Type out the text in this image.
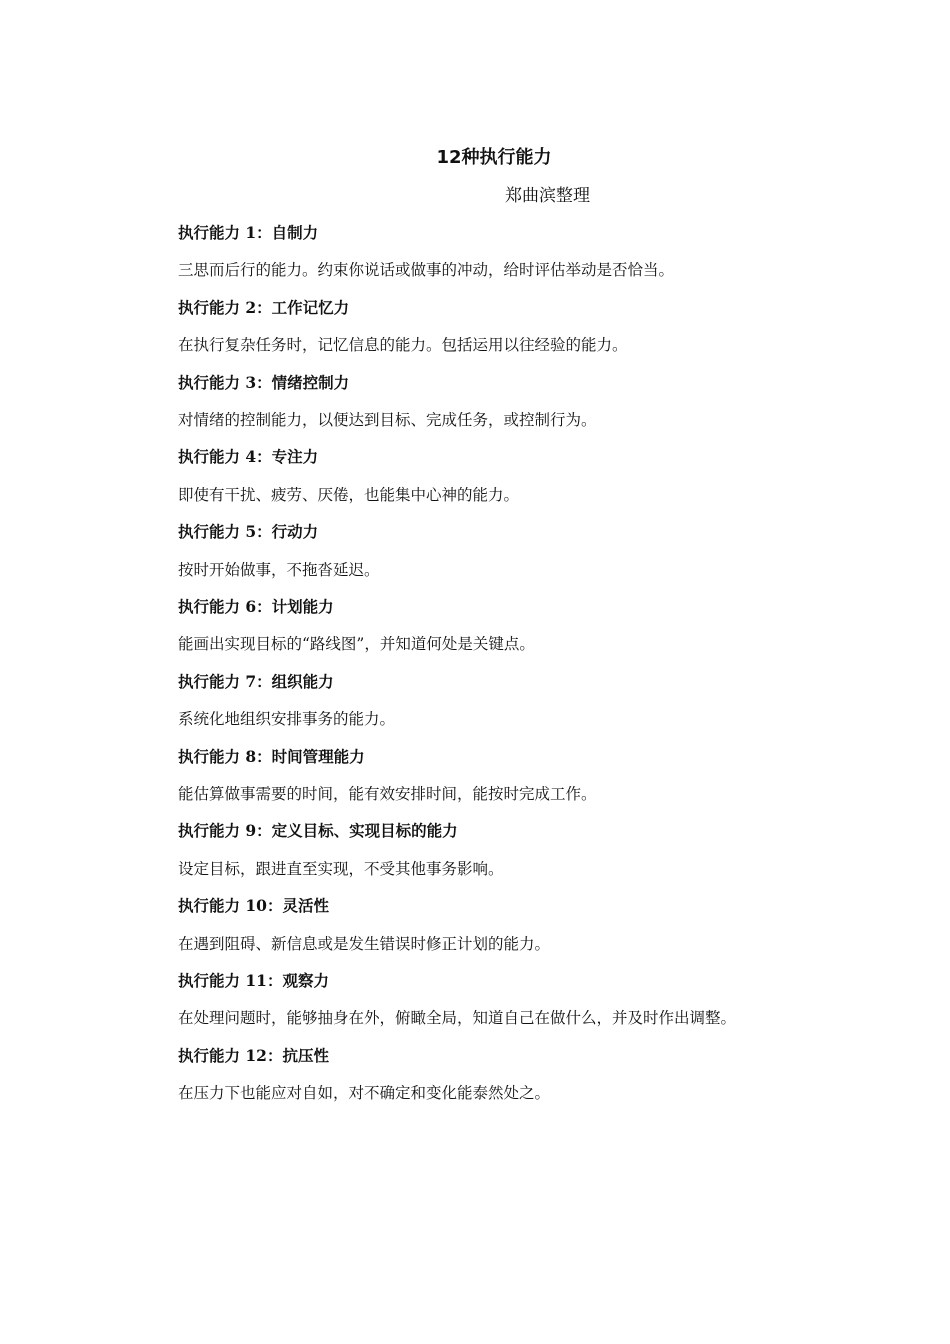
12种执行能力

郑曲滨整理

执行能力 1：自制力
三思而后行的能力。约束你说话或做事的冲动，给时评估举动是否恰当。
执行能力 2：工作记忆力
在执行复杂任务时，记忆信息的能力。包括运用以往经验的能力。
执行能力 3：情绪控制力
对情绪的控制能力，以便达到目标、完成任务，或控制行为。
执行能力 4：专注力
即使有干扰、疲劳、厌倦，也能集中心神的能力。
执行能力 5：行动力
按时开始做事，不拖沓延迟。
执行能力 6：计划能力
能画出实现目标的“路线图”，并知道何处是关键点。
执行能力 7：组织能力
系统化地组织安排事务的能力。
执行能力 8：时间管理能力
能估算做事需要的时间，能有效安排时间，能按时完成工作。
执行能力 9：定义目标、实现目标的能力
设定目标，跟进直至实现，不受其他事务影响。
执行能力 10：灵活性
在遇到阻碍、新信息或是发生错误时修正计划的能力。
执行能力 11：观察力
在处理问题时，能够抽身在外，俯瞰全局，知道自己在做什么，并及时作出调整。
执行能力 12：抗压性
在压力下也能应对自如，对不确定和变化能泰然处之。
